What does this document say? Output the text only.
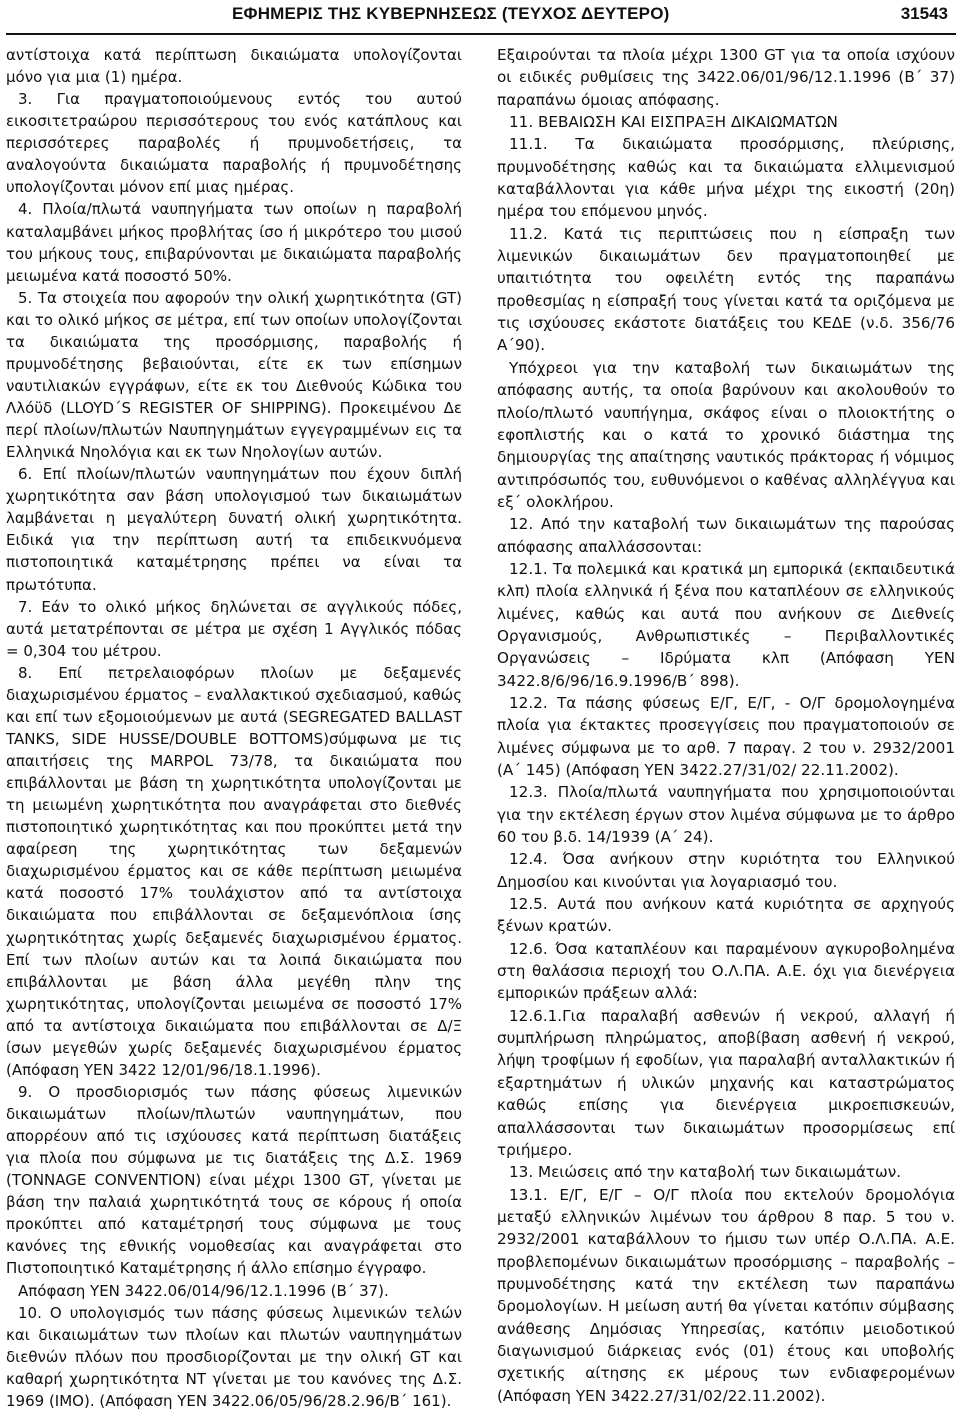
ΕΦΗΜΕΡΙΣ ΤΗΣ ΚΥΒΕΡΝΗΣΕΩΣ (ΤΕΥΧΟΣ ΔΕΥΤΕΡΟ)	31543

αντίστοιχα κατά περίπτωση δικαιώματα υπολογίζονται μόνο για μια (1) ημέρα.

3. Για πραγματοποιούμενους εντός του αυτού εικοσιτετραώρου περισσότερους του ενός κατάπλους και περισσότερες παραβολές ή πρυμνοδετήσεις, τα αναλογούντα δικαιώματα παραβολής ή πρυμνοδέτησης υπολογίζονται μόνον επί μιας ημέρας.

4. Πλοία/πλωτά ναυπηγήματα των οποίων η παραβολή καταλαμβάνει μήκος προβλήτας ίσο ή μικρότερο του μισού του μήκους τους, επιβαρύνονται με δικαιώματα παραβολής μειωμένα κατά ποσοστό 50%.

5. Τα στοιχεία που αφορούν την ολική χωρητικότητα (GT) και το ολικό μήκος σε μέτρα, επί των οποίων υπολογίζονται τα δικαιώματα της προσόρμισης, παραβολής ή πρυμνοδέτησης βεβαιούνται, είτε εκ των επίσημων ναυτιλιακών εγγράφων, είτε εκ του Διεθνούς Κώδικα του Λλόϋδ (LLOYD΄S REGISTER OF SHIPPING). Προκειμένου Δε περί πλοίων/πλωτών Ναυπηγημάτων εγγεγραμμένων εις τα Ελληνικά Νηολόγια και εκ των Νηολογίων αυτών.

6. Επί πλοίων/πλωτών ναυπηγημάτων που έχουν διπλή χωρητικότητα σαν βάση υπολογισμού των δικαιωμάτων λαμβάνεται η μεγαλύτερη δυνατή ολική χωρητικότητα. Ειδικά για την περίπτωση αυτή τα επιδεικνυόμενα πιστοποιητικά καταμέτρησης πρέπει να είναι τα πρωτότυπα.

7. Εάν το ολικό μήκος δηλώνεται σε αγγλικούς πόδες, αυτά μετατρέπονται σε μέτρα με σχέση 1 Αγγλικός πόδας = 0,304 του μέτρου.

8. Επί πετρελαιοφόρων πλοίων με δεξαμενές διαχωρισμένου έρματος – εναλλακτικού σχεδιασμού, καθώς και επί των εξομοιούμενων με αυτά (SEGREGATED BALLAST TANKS, SIDE HUSSE/DOUBLE BOTTOMS)σύμφωνα με τις απαιτήσεις της MARPOL 73/78, τα δικαιώματα που επιβάλλονται με βάση τη χωρητικότητα υπολογίζονται με τη μειωμένη χωρητικότητα που αναγράφεται στο διεθνές πιστοποιητικό χωρητικότητας και που προκύπτει μετά την αφαίρεση της χωρητικότητας των δεξαμενών διαχωρισμένου έρματος και σε κάθε περίπτωση μειωμένα κατά ποσοστό 17% τουλάχιστον από τα αντίστοιχα δικαιώματα που επιβάλλονται σε δεξαμενόπλοια ίσης χωρητικότητας χωρίς δεξαμενές διαχωρισμένου έρματος. Επί των πλοίων αυτών και τα λοιπά δικαιώματα που επιβάλλονται με βάση άλλα μεγέθη πλην της χωρητικότητας, υπολογίζονται μειωμένα σε ποσοστό 17% από τα αντίστοιχα δικαιώματα που επιβάλλονται σε Δ/Ξ ίσων μεγεθών χωρίς δεξαμενές διαχωρισμένου έρματος (Απόφαση ΥΕΝ 3422 12/01/96/18.1.1996).

9. Ο προσδιορισμός των πάσης φύσεως λιμενικών δικαιωμάτων πλοίων/πλωτών ναυπηγημάτων, που απορρέουν από τις ισχύουσες κατά περίπτωση διατάξεις για πλοία που σύμφωνα με τις διατάξεις της Δ.Σ. 1969 (TONNAGE CONVENTION) είναι μέχρι 1300 GT, γίνεται με βάση την παλαιά χωρητικότητά τους σε κόρους ή οποία προκύπτει από καταμέτρησή τους σύμφωνα με τους κανόνες της εθνικής νομοθεσίας και αναγράφεται στο Πιστοποιητικό Καταμέτρησης ή άλλο επίσημο έγγραφο.

Απόφαση ΥΕΝ 3422.06/014/96/12.1.1996 (Β΄ 37).

10. Ο υπολογισμός των πάσης φύσεως λιμενικών τελών και δικαιωμάτων των πλοίων και πλωτών ναυπηγημάτων διεθνών πλόων που προσδιορίζονται με την ολική GT και καθαρή χωρητικότητα NT γίνεται με του κανόνες της Δ.Σ. 1969 (IMO). (Απόφαση ΥΕΝ 3422.06/05/96/28.2.96/Β΄ 161).

Εξαιρούνται τα πλοία μέχρι 1300 GT για τα οποία ισχύουν οι ειδικές ρυθμίσεις της 3422.06/01/96/12.1.1996 (Β΄ 37) παραπάνω όμοιας απόφασης.

11. ΒΕΒΑΙΩΣΗ ΚΑΙ ΕΙΣΠΡΑΞΗ ΔΙΚΑΙΩΜΑΤΩΝ

11.1. Τα δικαιώματα προσόρμισης, πλεύρισης, πρυμνοδέτησης καθώς και τα δικαιώματα ελλιμενισμού καταβάλλονται για κάθε μήνα μέχρι της εικοστή (20η) ημέρα του επόμενου μηνός.

11.2. Κατά τις περιπτώσεις που η είσπραξη των λιμενικών δικαιωμάτων δεν πραγματοποιηθεί με υπαιτιότητα του οφειλέτη εντός της παραπάνω προθεσμίας η είσπραξή τους γίνεται κατά τα οριζόμενα με τις ισχύουσες εκάστοτε διατάξεις του ΚΕΔΕ (ν.δ. 356/76 Α΄90).

Υπόχρεοι για την καταβολή των δικαιωμάτων της απόφασης αυτής, τα οποία βαρύνουν και ακολουθούν το πλοίο/πλωτό ναυπήγημα, σκάφος είναι ο πλοιοκτήτης ο εφοπλιστής και ο κατά το χρονικό διάστημα της δημιουργίας της απαίτησης ναυτικός πράκτορας ή νόμιμος αντιπρόσωπός του, ευθυνόμενοι ο καθένας αλληλέγγυα και εξ΄ ολοκλήρου.

12. Από την καταβολή των δικαιωμάτων της παρούσας απόφασης απαλλάσσονται:

12.1. Τα πολεμικά και κρατικά μη εμπορικά (εκπαιδευτικά κλπ) πλοία ελληνικά ή ξένα που καταπλέουν σε ελληνικούς λιμένες, καθώς και αυτά που ανήκουν σε Διεθνείς Οργανισμούς, Ανθρωπιστικές – Περιβαλλοντικές Οργανώσεις – Ιδρύματα κλπ (Απόφαση ΥΕΝ 3422.8/6/96/16.9.1996/Β΄ 898).

12.2. Τα πάσης φύσεως Ε/Γ, Ε/Γ, - Ο/Γ δρομολογημένα πλοία για έκτακτες προσεγγίσεις που πραγματοποιούν σε λιμένες σύμφωνα με το αρθ. 7 παραγ. 2 του ν. 2932/2001 (Α΄ 145) (Απόφαση ΥΕΝ 3422.27/31/02/ 22.11.2002).

12.3. Πλοία/πλωτά ναυπηγήματα που χρησιμοποιούνται για την εκτέλεση έργων στον λιμένα σύμφωνα με το άρθρο 60 του β.δ. 14/1939 (Α΄ 24).

12.4. Όσα ανήκουν στην κυριότητα του Ελληνικού Δημοσίου και κινούνται για λογαριασμό του.

12.5. Αυτά που ανήκουν κατά κυριότητα σε αρχηγούς ξένων κρατών.

12.6. Όσα καταπλέουν και παραμένουν αγκυροβολημένα στη θαλάσσια περιοχή του Ο.Λ.ΠΑ. Α.Ε. όχι για διενέργεια εμπορικών πράξεων αλλά:

12.6.1.Για παραλαβή ασθενών ή νεκρού, αλλαγή ή συμπλήρωση πληρώματος, αποβίβαση ασθενή ή νεκρού, λήψη τροφίμων ή εφοδίων, για παραλαβή ανταλλακτικών ή εξαρτημάτων ή υλικών μηχανής και καταστρώματος καθώς επίσης για διενέργεια μικροεπισκευών, απαλλάσσονται των δικαιωμάτων προσορμίσεως επί τριήμερο.

13. Μειώσεις από την καταβολή των δικαιωμάτων.

13.1. Ε/Γ, Ε/Γ – Ο/Γ πλοία που εκτελούν δρομολόγια μεταξύ ελληνικών λιμένων του άρθρου 8 παρ. 5 του ν. 2932/2001 καταβάλλουν το ήμισυ των υπέρ Ο.Λ.ΠΑ. Α.Ε. προβλεπομένων δικαιωμάτων προσόρμισης – παραβολής – πρυμνοδέτησης κατά την εκτέλεση των παραπάνω δρομολογίων. Η μείωση αυτή θα γίνεται κατόπιν σύμβασης ανάθεσης Δημόσιας Υπηρεσίας, κατόπιν μειοδοτικού διαγωνισμού διάρκειας ενός (01) έτους και υποβολής σχετικής αίτησης εκ μέρους των ενδιαφερομένων (Απόφαση ΥΕΝ 3422.27/31/02/22.11.2002).
